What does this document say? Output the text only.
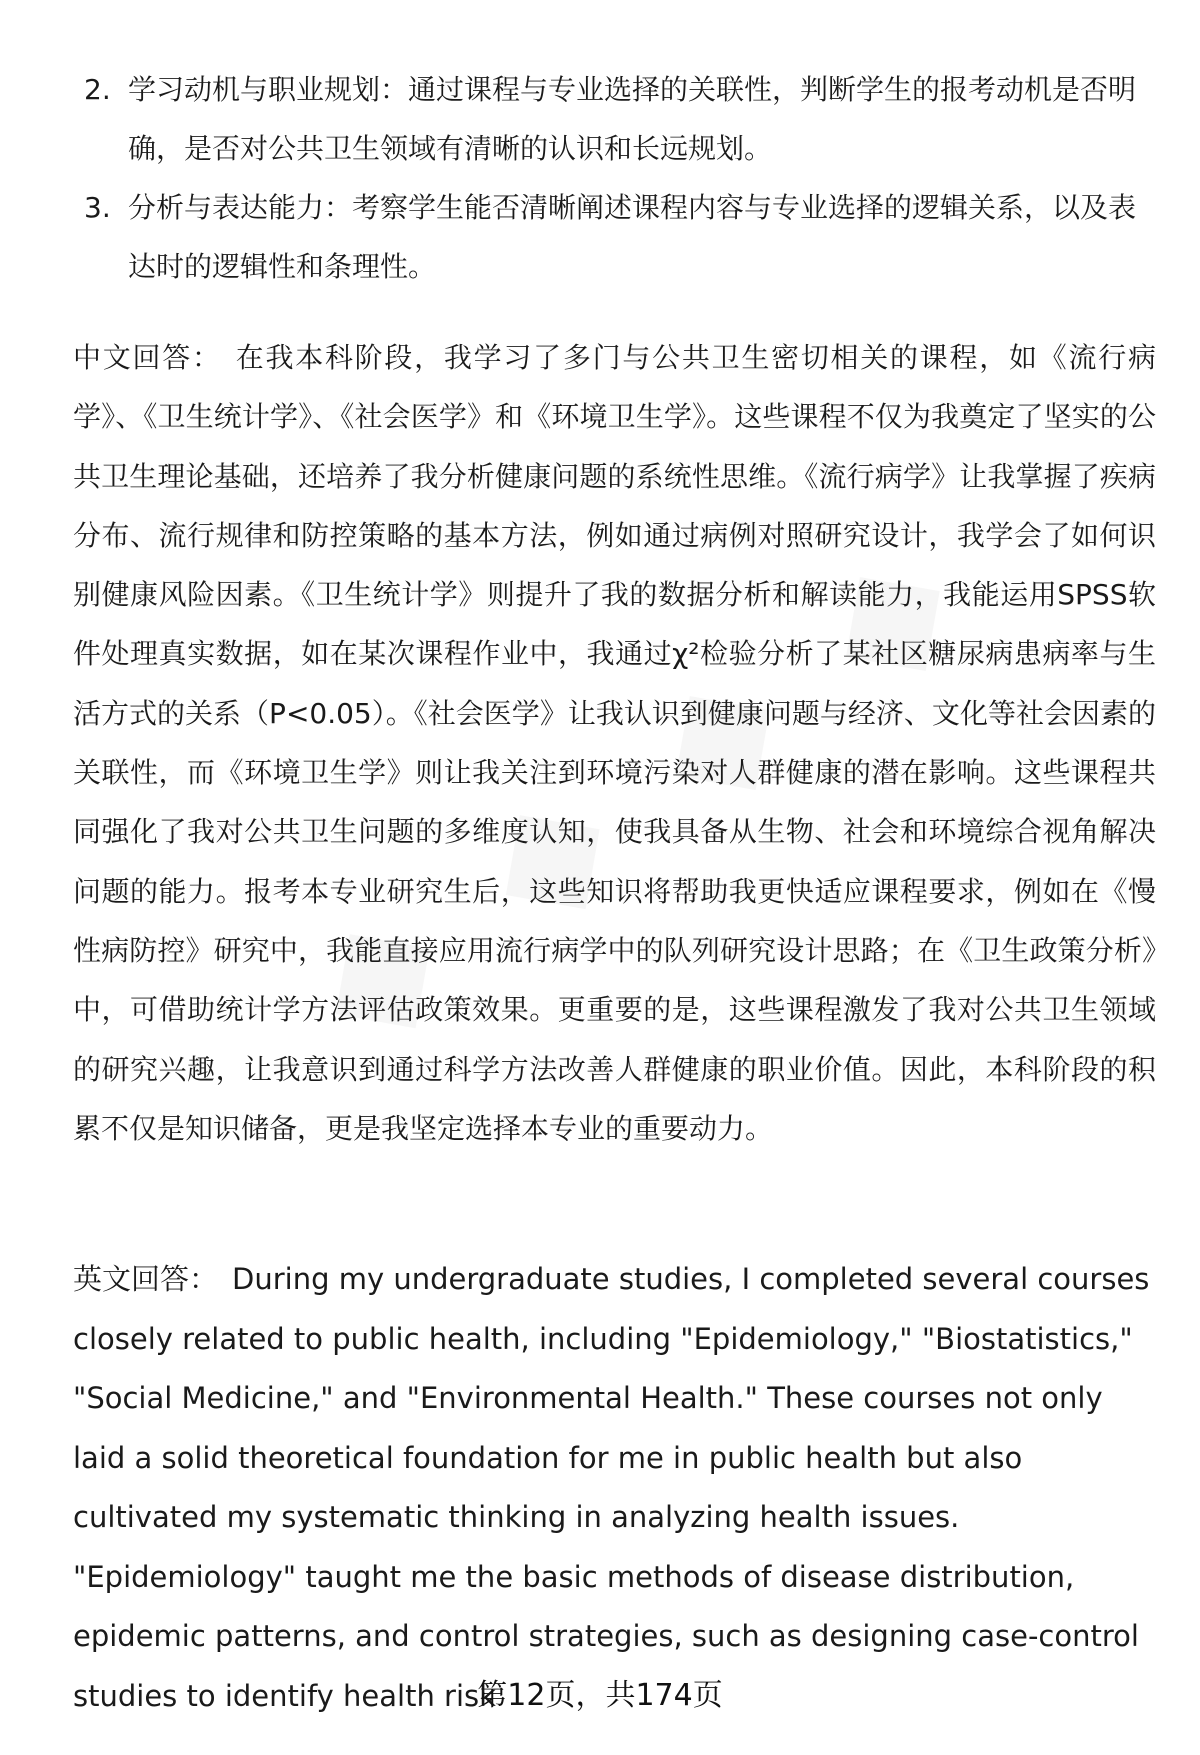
2. 学习动机与职业规划：通过课程与专业选择的关联性，判断学生的报考动机是否明确，是否对公共卫生领域有清晰的认识和长远规划。
3. 分析与表达能力：考察学生能否清晰阐述课程内容与专业选择的逻辑关系，以及表达时的逻辑性和条理性。
中文回答： 在我本科阶段，我学习了多门与公共卫生密切相关的课程，如《流行病学》、《卫生统计学》、《社会医学》和《环境卫生学》。这些课程不仅为我奠定了坚实的公共卫生理论基础，还培养了我分析健康问题的系统性思维。《流行病学》让我掌握了疾病分布、流行规律和防控策略的基本方法，例如通过病例对照研究设计，我学会了如何识别健康风险因素。《卫生统计学》则提升了我的数据分析和解读能力，我能运用SPSS软件处理真实数据，如在某次课程作业中，我通过χ²检验分析了某社区糖尿病患病率与生活方式的关系（P<0.05）。《社会医学》让我认识到健康问题与经济、文化等社会因素的关联性，而《环境卫生学》则让我关注到环境污染对人群健康的潜在影响。这些课程共同强化了我对公共卫生问题的多维度认知，使我具备从生物、社会和环境综合视角解决问题的能力。报考本专业研究生后，这些知识将帮助我更快适应课程要求，例如在《慢性病防控》研究中，我能直接应用流行病学中的队列研究设计思路；在《卫生政策分析》中，可借助统计学方法评估政策效果。更重要的是，这些课程激发了我对公共卫生领域的研究兴趣，让我意识到通过科学方法改善人群健康的职业价值。因此，本科阶段的积累不仅是知识储备，更是我坚定选择本专业的重要动力。
英文回答： During my undergraduate studies, I completed several courses closely related to public health, including "Epidemiology," "Biostatistics," "Social Medicine," and "Environmental Health." These courses not only laid a solid theoretical foundation for me in public health but also cultivated my systematic thinking in analyzing health issues. "Epidemiology" taught me the basic methods of disease distribution, epidemic patterns, and control strategies, such as designing case-control studies to identify health risk
第12页，共174页
